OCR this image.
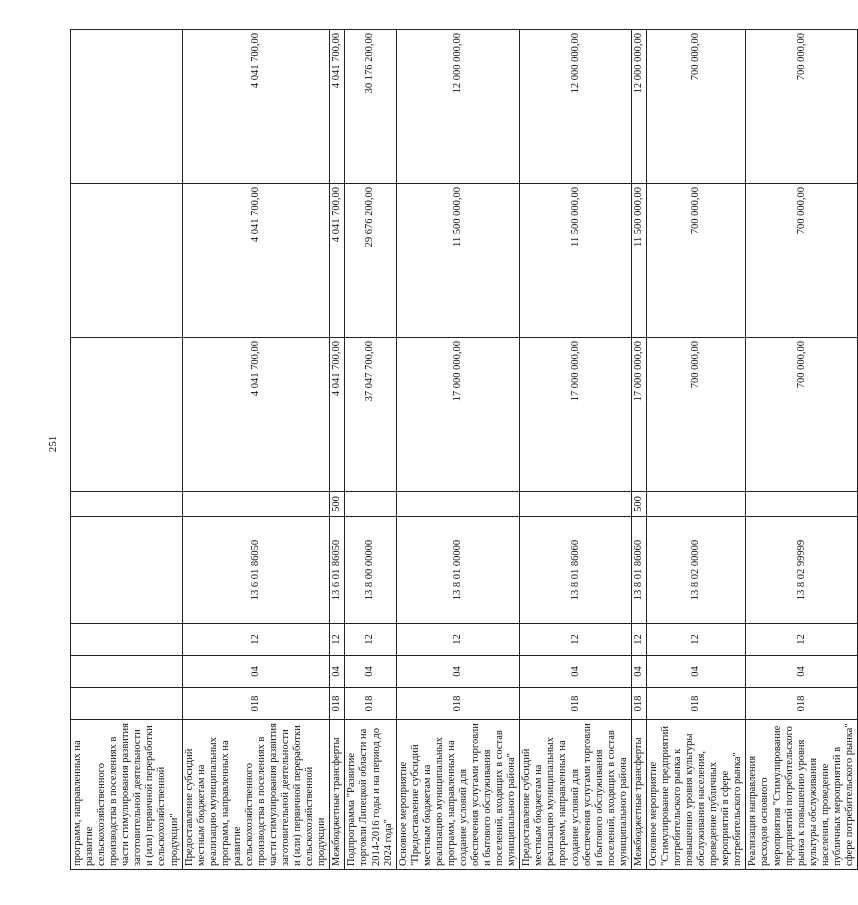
251
программ, направленных на развитие сельскохозяйственного производства в поселениях в части стимулирования развития заготовительной деятельности и (или) первичной переработки сельскохозяйственной продукции"								
Предоставление субсидий местным бюджетам на реализацию муниципальных программ, направленных на развитие сельскохозяйственного производства в поселениях в части стимулирования развития заготовительной деятельности и (или) первичной переработки сельскохозяйственной продукции	018	04	12	13 6 01 86050		4 041 700,00	4 041 700,00	4 041 700,00
Межбюджетные трансферты	018	04	12	13 6 01 86050	500	4 041 700,00	4 041 700,00	4 041 700,00
Подпрограмма "Развитие торговли Липецкой области на 2014-2016 годы и на период до 2024 года"	018	04	12	13 8 00 00000		37 047 700,00	29 676 200,00	30 176 200,00
Основное мероприятие "Предоставление субсидий местным бюджетам на реализацию муниципальных программ, направленных на создание условий для обеспечения услугами торговли и бытового обслуживания поселений, входящих в состав муниципального района"	018	04	12	13 8 01 00000		17 000 000,00	11 500 000,00	12 000 000,00
Предоставление субсидий местным бюджетам на реализацию муниципальных программ, направленных на создание условий для обеспечения услугами торговли и бытового обслуживания поселений, входящих в состав муниципального района	018	04	12	13 8 01 86060		17 000 000,00	11 500 000,00	12 000 000,00
Межбюджетные трансферты	018	04	12	13 8 01 86060	500	17 000 000,00	11 500 000,00	12 000 000,00
Основное мероприятие "Стимулирование предприятий потребительского рынка к повышению уровня культуры обслуживания населения, проведение публичных мероприятий в сфере потребительского рынка"	018	04	12	13 8 02 00000		700 000,00	700 000,00	700 000,00
Реализация направления расходов основного мероприятия "Стимулирование предприятий потребительского рынка к повышению уровня культуры обслуживания населения, проведение публичных мероприятий в сфере потребительского рынка"	018	04	12	13 8 02 99999		700 000,00	700 000,00	700 000,00
